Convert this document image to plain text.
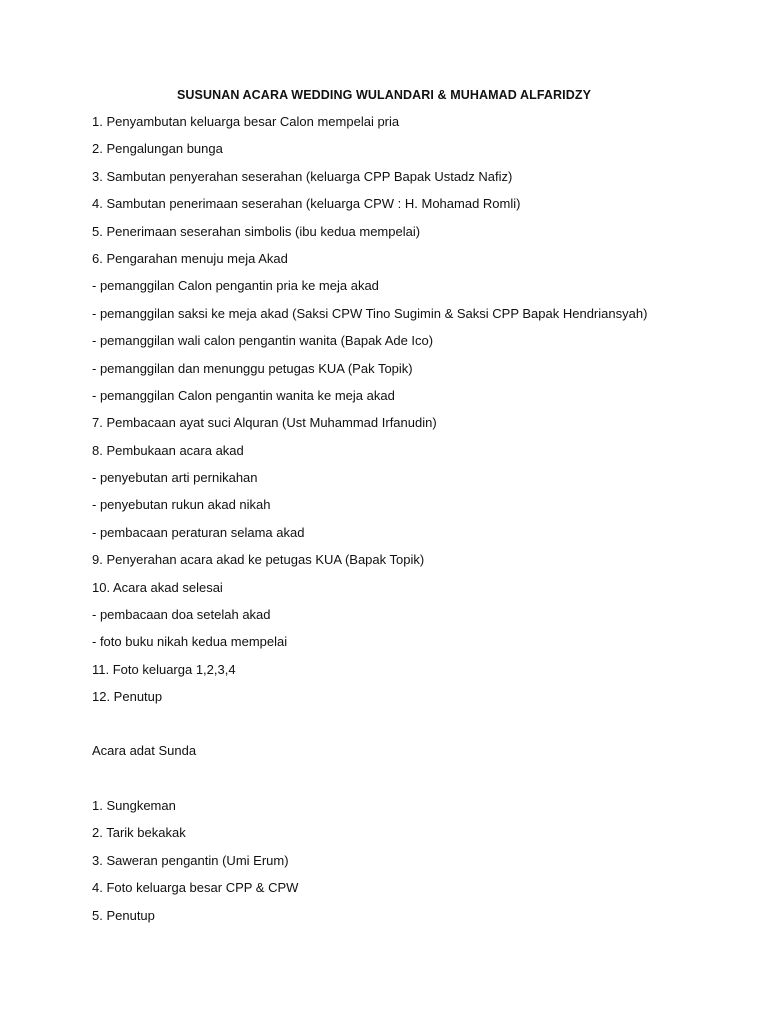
SUSUNAN ACARA WEDDING WULANDARI & MUHAMAD ALFARIDZY
1. Penyambutan keluarga besar Calon mempelai pria
2. Pengalungan bunga
3. Sambutan penyerahan seserahan (keluarga CPP Bapak Ustadz Nafiz)
4. Sambutan penerimaan seserahan (keluarga CPW : H. Mohamad Romli)
5. Penerimaan seserahan simbolis (ibu kedua mempelai)
6. Pengarahan menuju meja Akad
- pemanggilan Calon pengantin pria ke meja akad
- pemanggilan saksi ke meja akad (Saksi CPW Tino Sugimin & Saksi CPP Bapak Hendriansyah)
- pemanggilan wali calon pengantin wanita (Bapak Ade Ico)
- pemanggilan dan menunggu petugas KUA (Pak Topik)
- pemanggilan Calon pengantin wanita ke meja akad
7. Pembacaan ayat suci Alquran (Ust Muhammad Irfanudin)
8. Pembukaan acara akad
- penyebutan arti pernikahan
- penyebutan rukun akad nikah
- pembacaan peraturan selama akad
9. Penyerahan acara akad ke petugas KUA (Bapak Topik)
10. Acara akad selesai
- pembacaan doa setelah akad
- foto buku nikah kedua mempelai
11. Foto keluarga 1,2,3,4
12. Penutup
Acara adat Sunda
1. Sungkeman
2. Tarik bekakak
3. Saweran pengantin (Umi Erum)
4. Foto keluarga besar CPP & CPW
5. Penutup
